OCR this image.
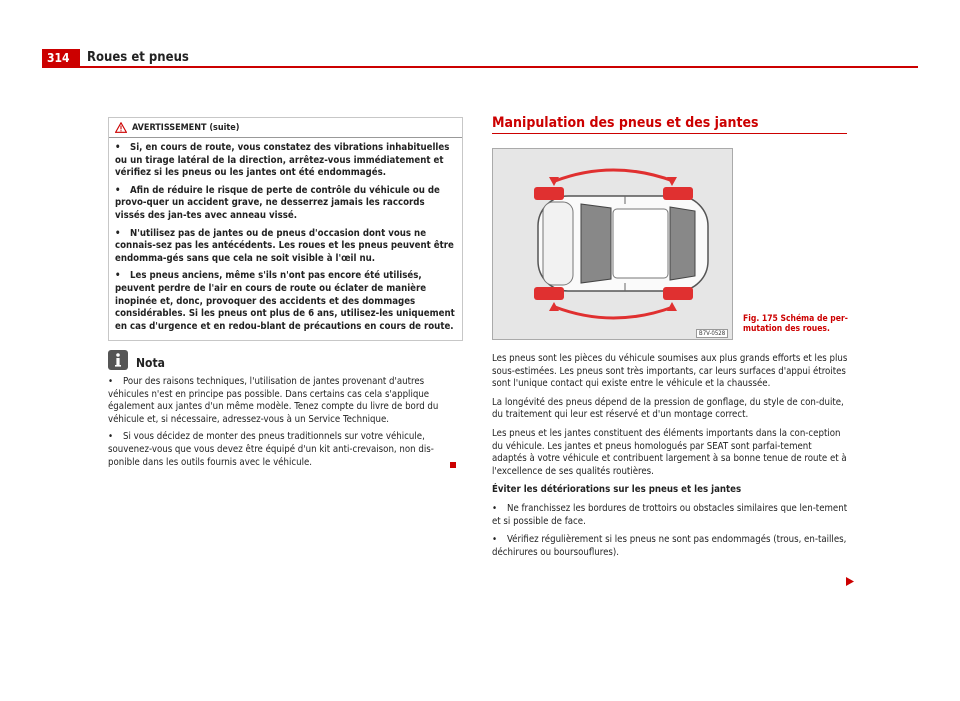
314	Roues et pneus
AVERTISSEMENT (suite)

• Si, en cours de route, vous constatez des vibrations inhabituelles ou un tirage latéral de la direction, arrêtez-vous immédiatement et vérifiez si les pneus ou les jantes ont été endommagés.

• Afin de réduire le risque de perte de contrôle du véhicule ou de provo-quer un accident grave, ne desserrez jamais les raccords vissés des jan-tes avec anneau vissé.

• N'utilisez pas de jantes ou de pneus d'occasion dont vous ne connais-sez pas les antécédents. Les roues et les pneus peuvent être endomma-gés sans que cela ne soit visible à l'œil nu.

• Les pneus anciens, même s'ils n'ont pas encore été utilisés, peuvent perdre de l'air en cours de route ou éclater de manière inopinée et, donc, provoquer des accidents et des dommages considérables. Si les pneus ont plus de 6 ans, utilisez-les uniquement en cas d'urgence et en redou-blant de précautions en cours de route.

Nota

• Pour des raisons techniques, l'utilisation de jantes provenant d'autres véhicules n'est en principe pas possible. Dans certains cas cela s'applique également aux jantes d'un même modèle. Tenez compte du livre de bord du véhicule et, si nécessaire, adressez-vous à un Service Technique.

• Si vous décidez de monter des pneus traditionnels sur votre véhicule, souvenez-vous que vous devez être équipé d'un kit anti-crevaison, non dis-ponible dans les outils fournis avec le véhicule.

Manipulation des pneus et des jantes
B7V-0528
Fig. 175 Schéma de per-mutation des roues.

Les pneus sont les pièces du véhicule soumises aux plus grands efforts et les plus sous-estimées. Les pneus sont très importants, car leurs surfaces d'appui étroites sont l'unique contact qui existe entre le véhicule et la chaussée.

La longévité des pneus dépend de la pression de gonflage, du style de con-duite, du traitement qui leur est réservé et d'un montage correct.

Les pneus et les jantes constituent des éléments importants dans la con-ception du véhicule. Les jantes et pneus homologués par SEAT sont parfai-tement adaptés à votre véhicule et contribuent largement à sa bonne tenue de route et à l'excellence de ses qualités routières.

Éviter les détériorations sur les pneus et les jantes

• Ne franchissez les bordures de trottoirs ou obstacles similaires que len-tement et si possible de face.

• Vérifiez régulièrement si les pneus ne sont pas endommagés (trous, en-tailles, déchirures ou boursouflures).
